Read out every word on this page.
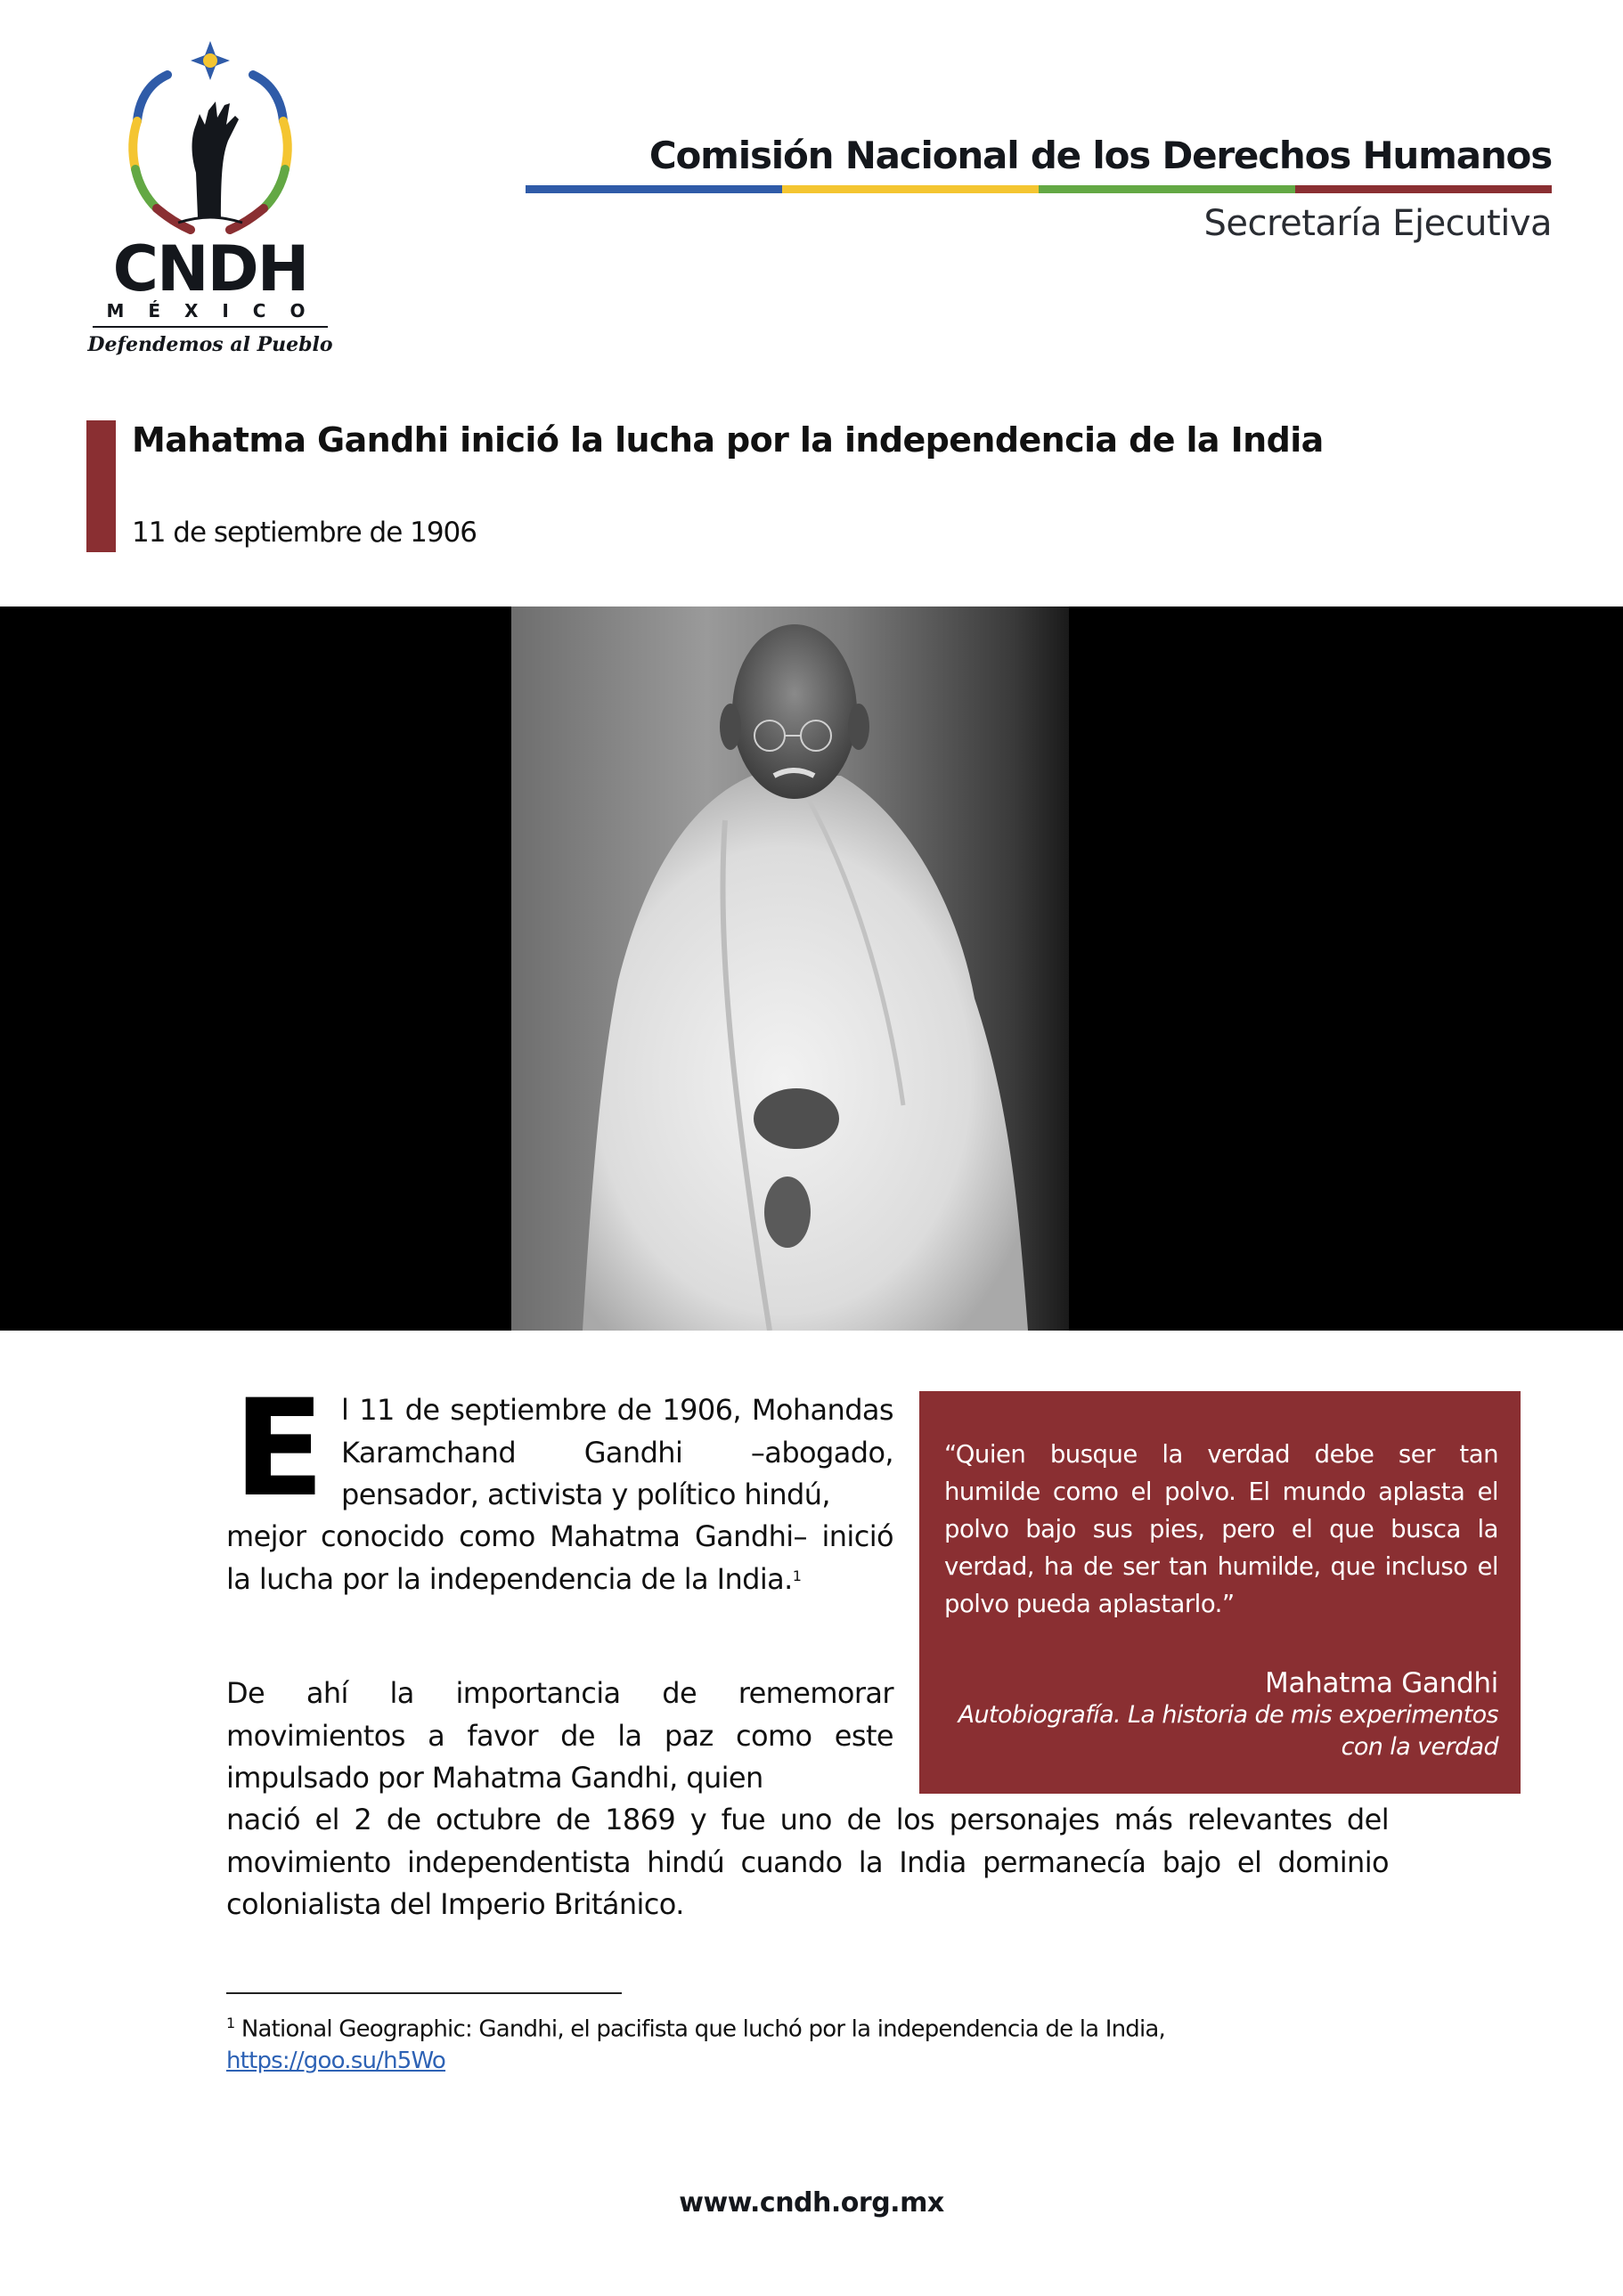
CNDH
M É X I C O
Defendemos al Pueblo
Comisión Nacional de los Derechos Humanos
Secretaría Ejecutiva
Mahatma Gandhi inició la lucha por la independencia de la India
11 de septiembre de 1906
E l 11 de septiembre de 1906, Mohandas Karamchand Gandhi –abogado, pensador, activista y político hindú,
mejor conocido como Mahatma Gandhi– inició la lucha por la independencia de la India.$^1$
De ahí la importancia de rememorar movimientos a favor de la paz como este impulsado por Mahatma Gandhi, quien
nació el 2 de octubre de 1869 y fue uno de los personajes más relevantes del movimiento independentista hindú cuando la India permanecía bajo el dominio colonialista del Imperio Británico.
“Quien busque la verdad debe ser tan humilde como el polvo. El mundo aplasta el polvo bajo sus pies, pero el que busca la verdad, ha de ser tan humilde, que incluso el polvo pueda aplastarlo.”
Mahatma Gandhi
Autobiografía. La historia de mis experimentos con la verdad
$^1$ National Geographic: Gandhi, el pacifista que luchó por la independencia de la India,
https://goo.su/h5Wo
www.cndh.org.mx
